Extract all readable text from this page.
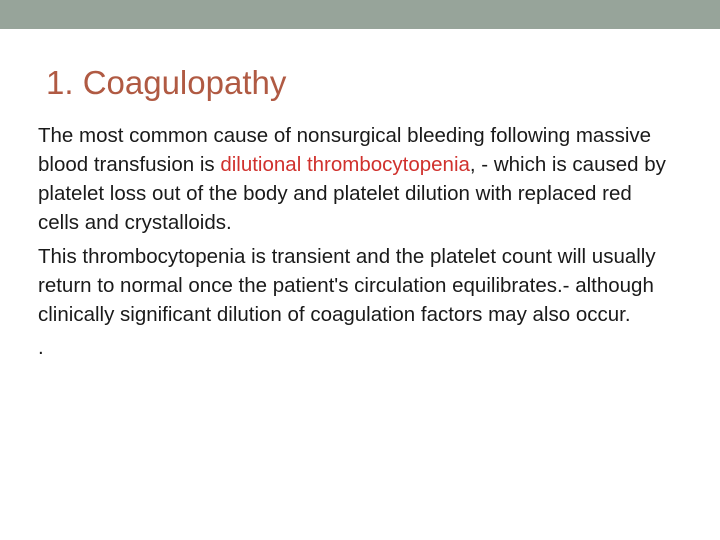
1. Coagulopathy

The most common cause of nonsurgical bleeding following massive blood transfusion is dilutional thrombocytopenia, - which is caused by platelet loss out of the body and platelet dilution with replaced red cells and crystalloids.

This thrombocytopenia is transient and the platelet count will usually return to normal once the patient's circulation equilibrates.- although clinically significant dilution of coagulation factors may also occur.

.
